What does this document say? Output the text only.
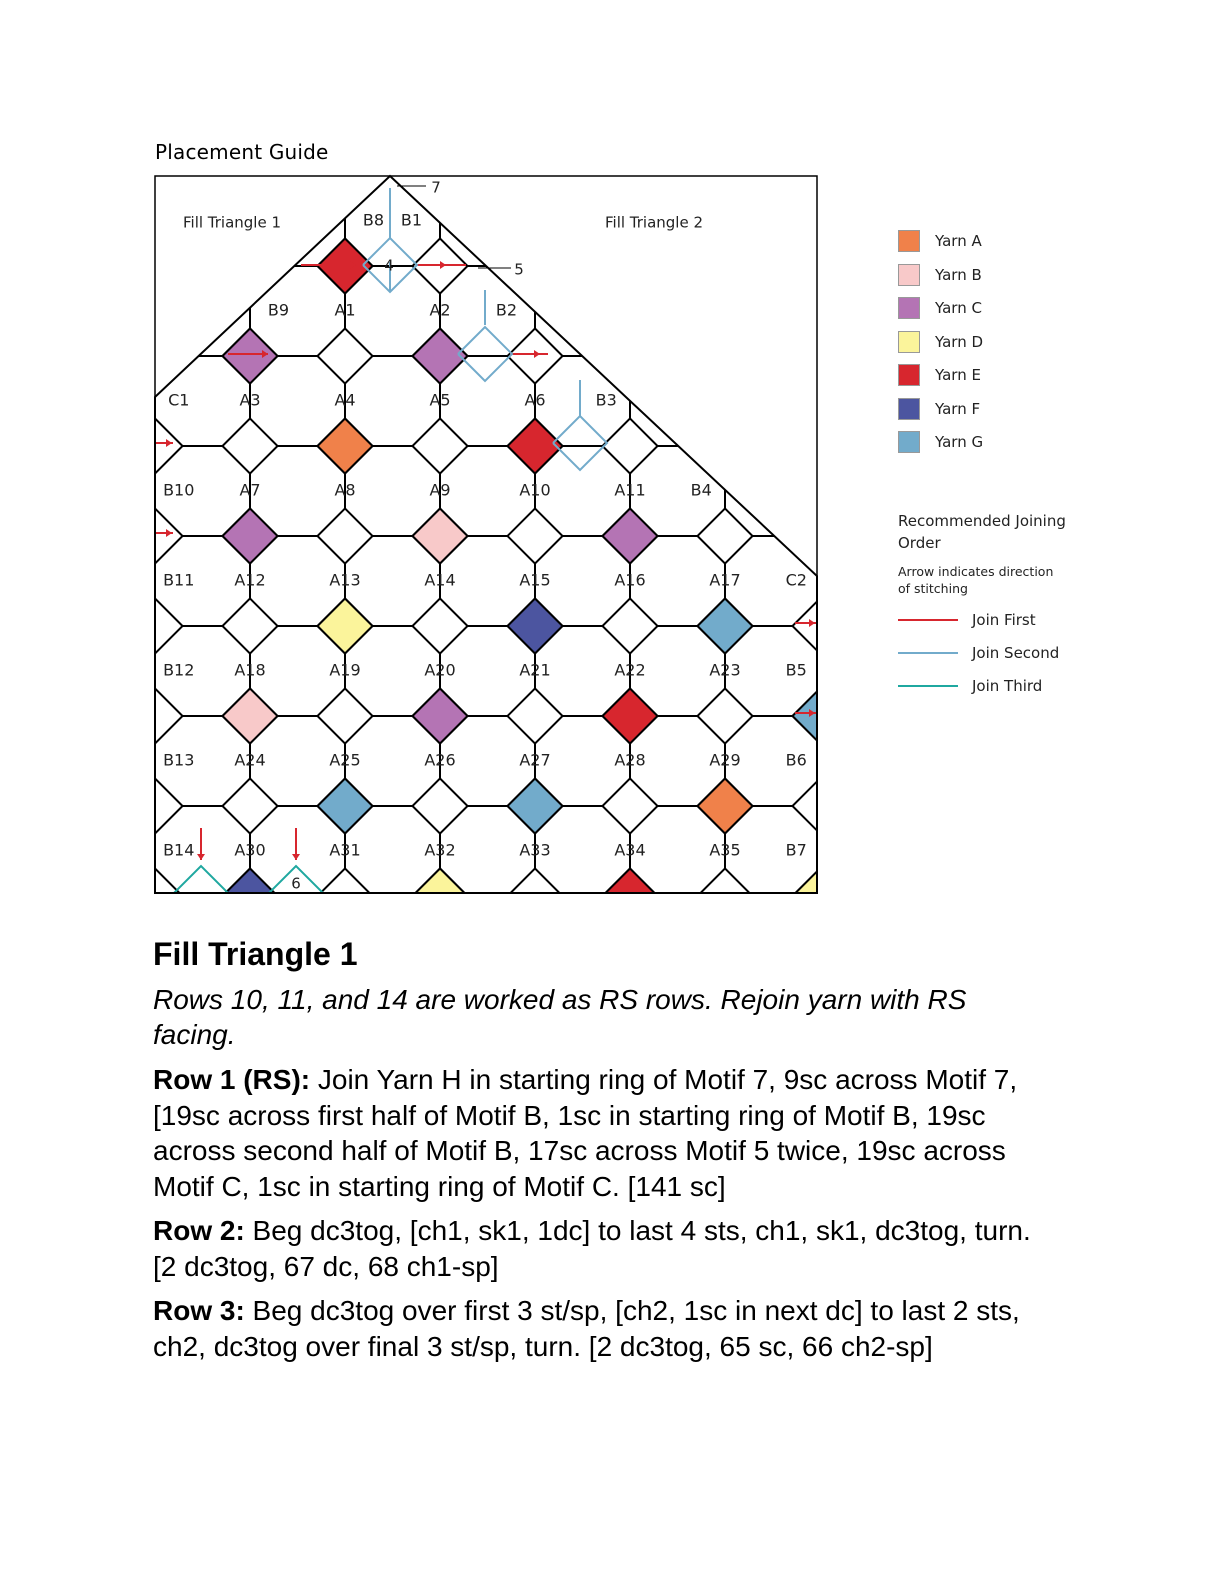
Placement Guide
B8 B1
A1	A2
B9	B2
C1	A3	A4	A5	A6	B3
B10	A7	A8	A9	A10	A11	B4
B11 A12	A13	A14	A15	A16	A17	C2
B12 A18	A19	A20	A21	A22	A23	B5
B13 A24	A25	A26	A27	A28	A29	B6
B14 A30	A31	A32	A33	A34	A35	B7
Fill Triangle 1	Fill Triangle 2
7
4	5
6
Yarn A
Yarn B
Yarn C
Yarn D
Yarn E
Yarn F
Yarn G
Recommended Joining Order
Arrow indicates direction of stitching
Join First
Join Second
Join Third
Fill Triangle 1
Rows 10, 11, and 14 are worked as RS rows. Rejoin yarn with RS facing.
Row 1 (RS): Join Yarn H in starting ring of Motif 7, 9sc across Motif 7, [19sc across first half of Motif B, 1sc in starting ring of Motif B, 19sc across second half of Motif B, 17sc across Motif 5 twice, 19sc across Motif C, 1sc in starting ring of Motif C. [141 sc]
Row 2: Beg dc3tog, [ch1, sk1, 1dc] to last 4 sts, ch1, sk1, dc3tog, turn. [2 dc3tog, 67 dc, 68 ch1-sp]
Row 3: Beg dc3tog over first 3 st/sp, [ch2, 1sc in next dc] to last 2 sts, ch2, dc3tog over final 3 st/sp, turn. [2 dc3tog, 65 sc, 66 ch2-sp]
